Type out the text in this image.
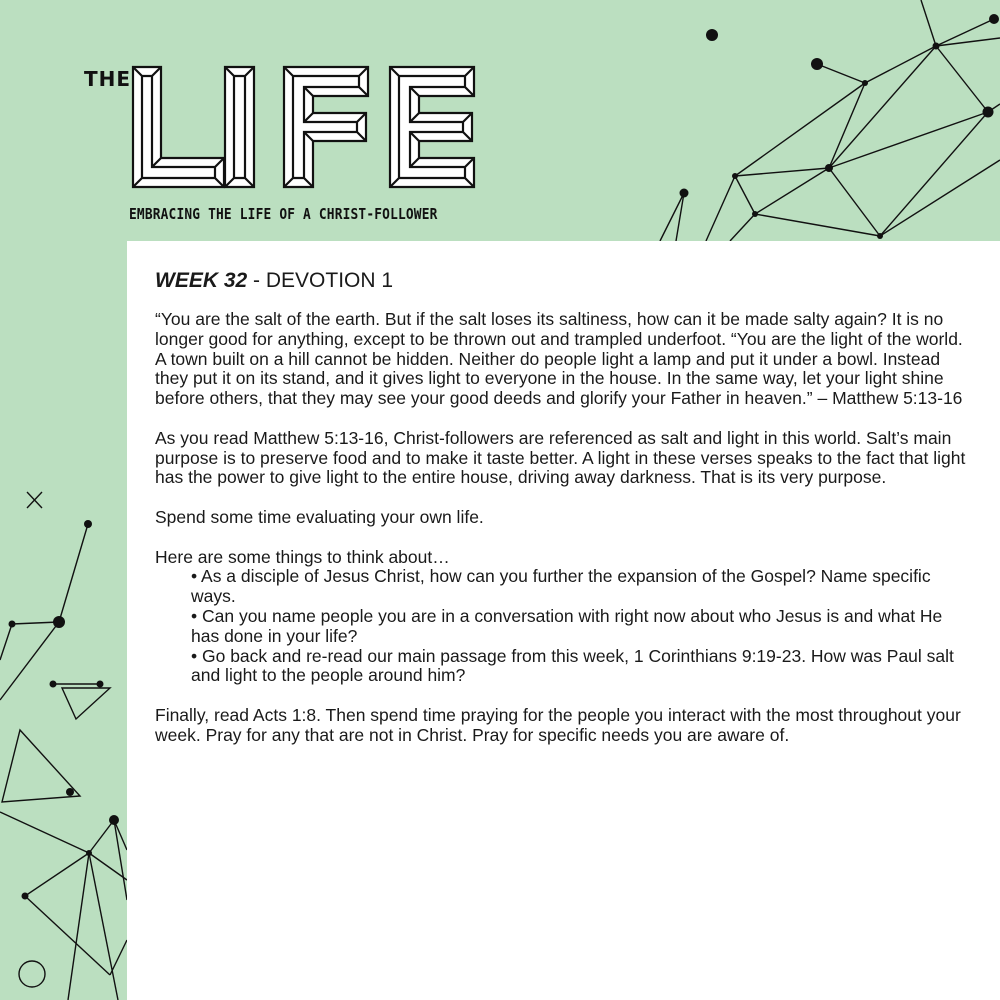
THE
EMBRACING THE LIFE OF A CHRIST-FOLLOWER
WEEK 32 - DEVOTION 1

“You are the salt of the earth. But if the salt loses its saltiness, how can it be made salty again? It is no longer good for anything, except to be thrown out and trampled underfoot. “You are the light of the world. A town built on a hill cannot be hidden. Neither do people light a lamp and put it under a bowl. Instead they put it on its stand, and it gives light to everyone in the house. In the same way, let your light shine before others, that they may see your good deeds and glorify your Father in heaven.” – Matthew 5:13-16

As you read Matthew 5:13-16, Christ-followers are referenced as salt and light in this world. Salt’s main purpose is to preserve food and to make it taste better. A light in these verses speaks to the fact that light has the power to give light to the entire house, driving away darkness. That is its very purpose.

Spend some time evaluating your own life.

Here are some things to think about…
• As a disciple of Jesus Christ, how can you further the expansion of the Gospel? Name specific ways.
• Can you name people you are in a conversation with right now about who Jesus is and what He has done in your life?
• Go back and re-read our main passage from this week, 1 Corinthians 9:19-23. How was Paul salt and light to the people around him?

Finally, read Acts 1:8. Then spend time praying for the people you interact with the most throughout your week. Pray for any that are not in Christ. Pray for specific needs you are aware of.
